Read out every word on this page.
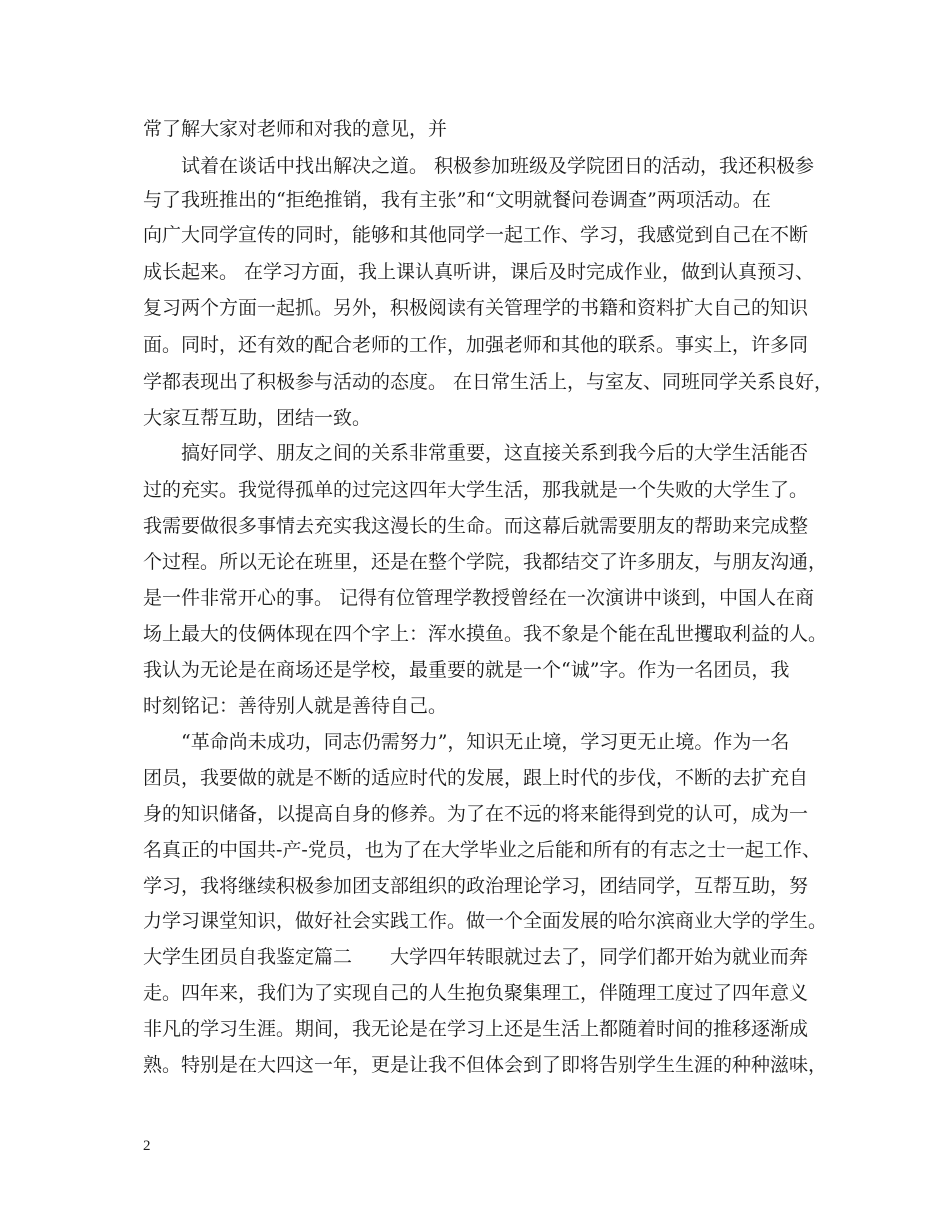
常了解大家对老师和对我的意见，并
　　试着在谈话中找出解决之道。 积极参加班级及学院团日的活动，我还积极参
与了我班推出的“拒绝推销，我有主张”和“文明就餐问卷调查”两项活动。在
向广大同学宣传的同时，能够和其他同学一起工作、学习，我感觉到自己在不断
成长起来。 在学习方面，我上课认真听讲，课后及时完成作业，做到认真预习、
复习两个方面一起抓。另外，积极阅读有关管理学的书籍和资料扩大自己的知识
面。同时，还有效的配合老师的工作，加强老师和其他的联系。事实上，许多同
学都表现出了积极参与活动的态度。 在日常生活上，与室友、同班同学关系良好，
大家互帮互助，团结一致。
　　搞好同学、朋友之间的关系非常重要，这直接关系到我今后的大学生活能否
过的充实。我觉得孤单的过完这四年大学生活，那我就是一个失败的大学生了。
我需要做很多事情去充实我这漫长的生命。而这幕后就需要朋友的帮助来完成整
个过程。所以无论在班里，还是在整个学院，我都结交了许多朋友，与朋友沟通，
是一件非常开心的事。 记得有位管理学教授曾经在一次演讲中谈到，中国人在商
场上最大的伎俩体现在四个字上：浑水摸鱼。我不象是个能在乱世攫取利益的人。
我认为无论是在商场还是学校，最重要的就是一个“诚”字。作为一名团员，我
时刻铭记：善待别人就是善待自己。
　　“革命尚未成功，同志仍需努力”，知识无止境，学习更无止境。作为一名
团员，我要做的就是不断的适应时代的发展，跟上时代的步伐，不断的去扩充自
身的知识储备，以提高自身的修养。为了在不远的将来能得到党的认可，成为一
名真正的中国共-产-党员，也为了在大学毕业之后能和所有的有志之士一起工作、
学习，我将继续积极参加团支部组织的政治理论学习，团结同学，互帮互助，努
力学习课堂知识，做好社会实践工作。做一个全面发展的哈尔滨商业大学的学生。
大学生团员自我鉴定篇二　　大学四年转眼就过去了，同学们都开始为就业而奔
走。四年来，我们为了实现自己的人生抱负聚集理工，伴随理工度过了四年意义
非凡的学习生涯。期间，我无论是在学习上还是生活上都随着时间的推移逐渐成
熟。特别是在大四这一年，更是让我不但体会到了即将告别学生生涯的种种滋味，
2
